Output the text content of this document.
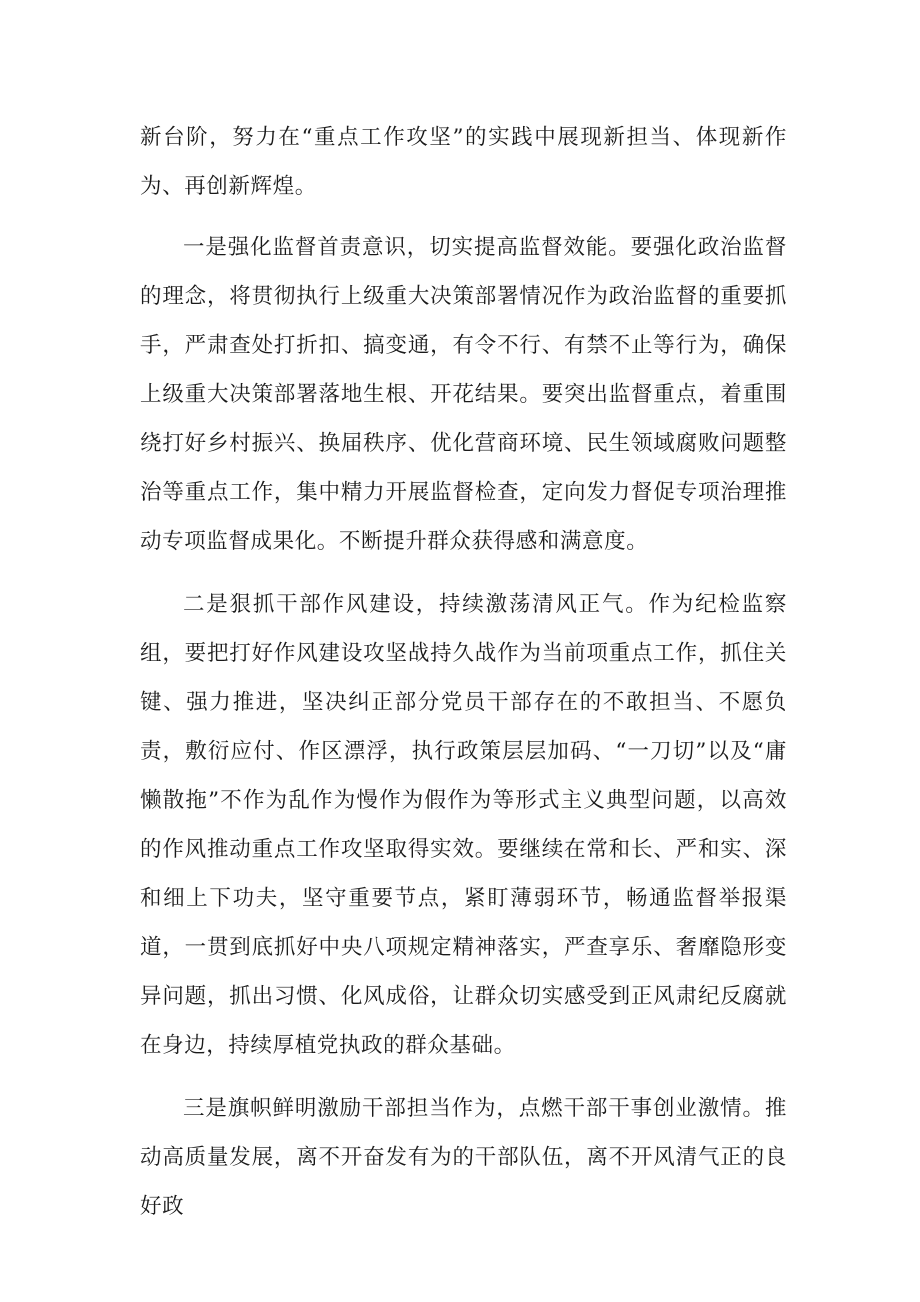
新台阶，努力在“重点工作攻坚”的实践中展现新担当、体现新作为、再创新辉煌。

一是强化监督首责意识，切实提高监督效能。要强化政治监督的理念，将贯彻执行上级重大决策部署情况作为政治监督的重要抓手，严肃查处打折扣、搞变通，有令不行、有禁不止等行为，确保上级重大决策部署落地生根、开花结果。要突出监督重点，着重围绕打好乡村振兴、换届秩序、优化营商环境、民生领域腐败问题整治等重点工作，集中精力开展监督检查，定向发力督促专项治理推动专项监督成果化。不断提升群众获得感和满意度。

二是狠抓干部作风建设，持续激荡清风正气。作为纪检监察组，要把打好作风建设攻坚战持久战作为当前项重点工作，抓住关键、强力推进，坚决纠正部分党员干部存在的不敢担当、不愿负责，敷衍应付、作区漂浮，执行政策层层加码、“一刀切”以及“庸懒散拖”不作为乱作为慢作为假作为等形式主义典型问题，以高效的作风推动重点工作攻坚取得实效。要继续在常和长、严和实、深和细上下功夫，坚守重要节点，紧盯薄弱环节，畅通监督举报渠道，一贯到底抓好中央八项规定精神落实，严查享乐、奢靡隐形变异问题，抓出习惯、化风成俗，让群众切实感受到正风肃纪反腐就在身边，持续厚植党执政的群众基础。

三是旗帜鲜明激励干部担当作为，点燃干部干事创业激情。推动高质量发展，离不开奋发有为的干部队伍，离不开风清气正的良好政
